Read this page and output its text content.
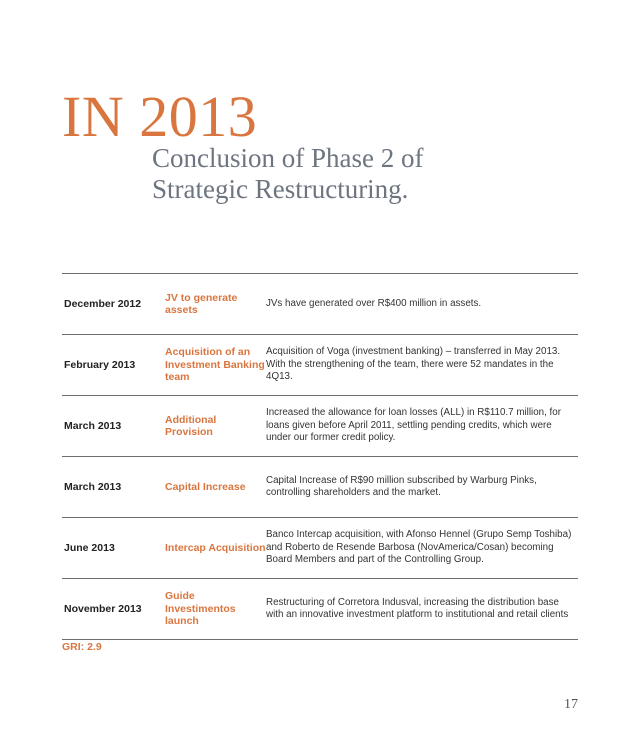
IN 2013
Conclusion of Phase 2 of
Strategic Restructuring.
December 2012
JV to generate assets
JVs have generated over R$400 million in assets.
February 2013
Acquisition of an Investment Banking team
Acquisition of Voga (investment banking) – transferred in May 2013. With the strengthening of the team, there were 52 mandates in the 4Q13.
March 2013
Additional Provision
Increased the allowance for loan losses (ALL) in R$110.7 million, for loans given before April 2011, settling pending credits, which were under our former credit policy.
March 2013	Capital Increase
Capital Increase of R$90 million subscribed by Warburg Pinks, controlling shareholders and the market.
June 2013	Intercap Acquisition
Banco Intercap acquisition, with Afonso Hennel (Grupo Semp Toshiba) and Roberto de Resende Barbosa (NovAmerica/Cosan) becoming Board Members and part of the Controlling Group.
November 2013
Guide Investimentos launch
Restructuring of Corretora Indusval, increasing the distribution base with an innovative investment platform to institutional and retail clients
GRI: 2.9
17
